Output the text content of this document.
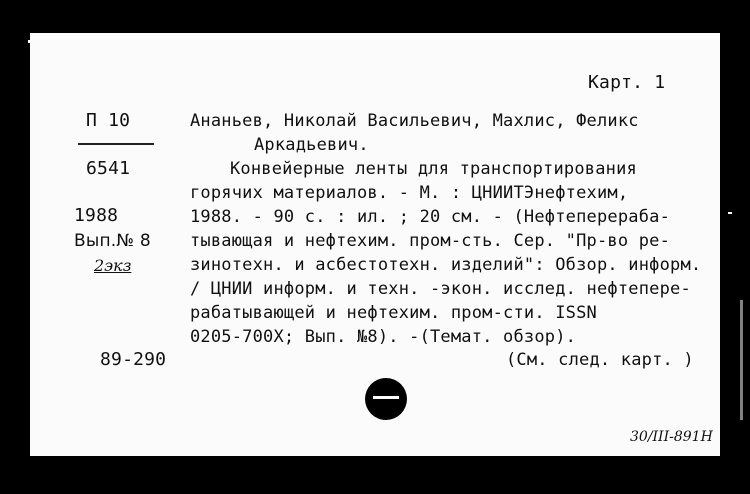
Карт. 1
П 10
6541
1988
Вып.№ 8
2экз
89-290
Ананьев, Николай Васильевич, Махлис, Феликс
Аркадьевич.
Конвейерные ленты для транспортирования
горячих материалов. - М. : ЦНИИТЭнефтехим,
1988. - 90 с. : ил. ; 20 см. - (Нефтеперераба-
тывающая и нефтехим. пром-сть. Сер. "Пр-во ре-
зинотехн. и асбестотехн. изделий": Обзор. информ.
/ ЦНИИ информ. и техн. -экон. исслед. нефтепере-
рабатывающей и нефтехим. пром-сти. ISSN
0205-700Х; Вып. №8). -(Темат. обзор).
(См. след. карт. )
30/III-891Н
